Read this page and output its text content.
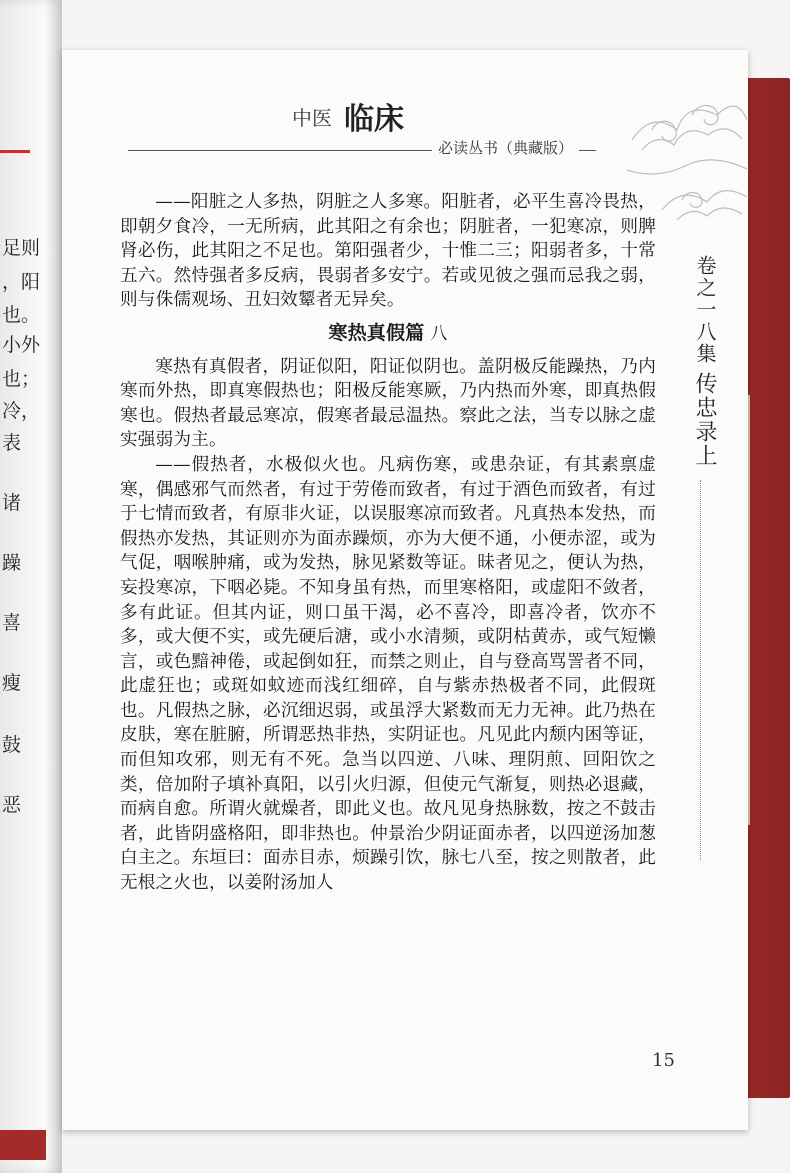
足则
，阳
也。
小外
也；
冷，
表
诸
躁
喜
瘦
鼓
恶
中医 临床
必读丛书（典藏版）
卷之一八集
传忠录上

——阳脏之人多热，阴脏之人多寒。阳脏者，必平生喜冷畏热，即朝夕食冷，一无所病，此其阳之有余也；阴脏者，一犯寒凉，则脾肾必伤，此其阳之不足也。第阳强者少，十惟二三；阳弱者多，十常五六。然恃强者多反病，畏弱者多安宁。若或见彼之强而忌我之弱，则与侏儒观场、丑妇效颦者无异矣。

寒热真假篇 八

寒热有真假者，阴证似阳，阳证似阴也。盖阴极反能躁热，乃内寒而外热，即真寒假热也；阳极反能寒厥，乃内热而外寒，即真热假寒也。假热者最忌寒凉，假寒者最忌温热。察此之法，当专以脉之虚实强弱为主。

——假热者，水极似火也。凡病伤寒，或患杂证，有其素禀虚寒，偶感邪气而然者，有过于劳倦而致者，有过于酒色而致者，有过于七情而致者，有原非火证，以误服寒凉而致者。凡真热本发热，而假热亦发热，其证则亦为面赤躁烦，亦为大便不通，小便赤涩，或为气促，咽喉肿痛，或为发热，脉见紧数等证。昧者见之，便认为热，妄投寒凉，下咽必毙。不知身虽有热，而里寒格阳，或虚阳不敛者，多有此证。但其内证，则口虽干渴，必不喜冷，即喜冷者，饮亦不多，或大便不实，或先硬后溏，或小水清频，或阴枯黄赤，或气短懒言，或色黯神倦，或起倒如狂，而禁之则止，自与登高骂詈者不同，此虚狂也；或斑如蚊迹而浅红细碎，自与紫赤热极者不同，此假斑也。凡假热之脉，必沉细迟弱，或虽浮大紧数而无力无神。此乃热在皮肤，寒在脏腑，所谓恶热非热，实阴证也。凡见此内颓内困等证，而但知攻邪，则无有不死。急当以四逆、八味、理阴煎、回阳饮之类，倍加附子填补真阳，以引火归源，但使元气渐复，则热必退藏，而病自愈。所谓火就燥者，即此义也。故凡见身热脉数，按之不鼓击者，此皆阴盛格阳，即非热也。仲景治少阴证面赤者，以四逆汤加葱白主之。东垣曰：面赤目赤，烦躁引饮，脉七八至，按之则散者，此无根之火也，以姜附汤加人

15
